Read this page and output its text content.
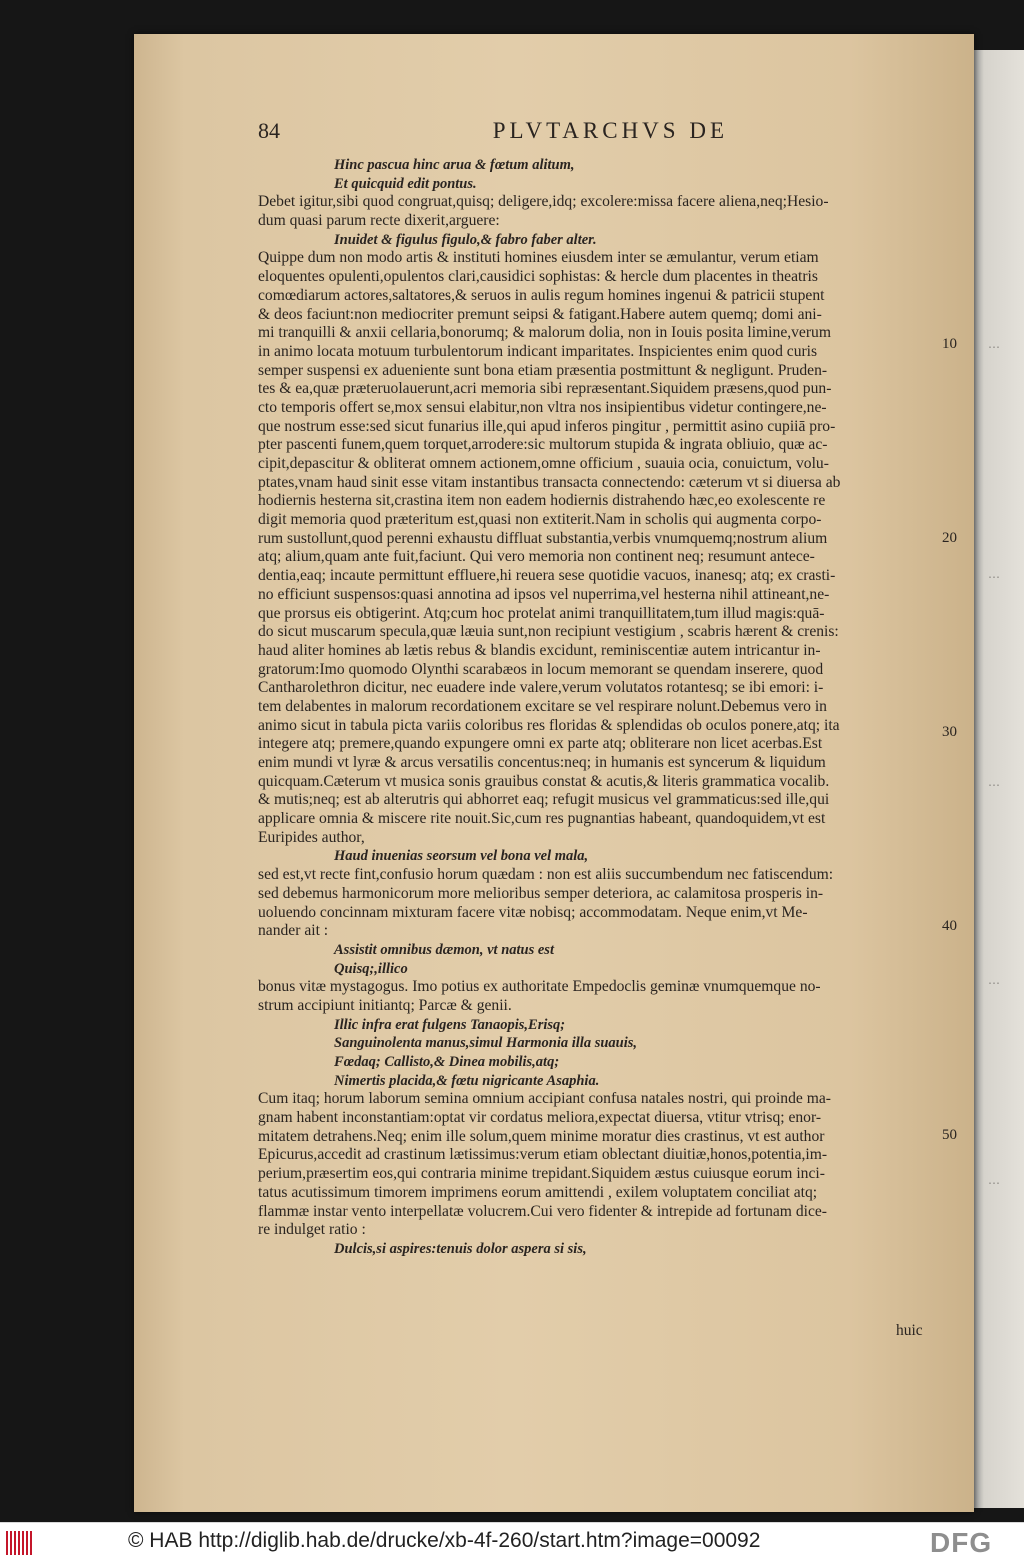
⋯
⋯
⋯
⋯
⋯
84	PLVTARCHVS DE
Hinc pascua hinc arua & fœtum alitum,
Et quicquid edit pontus.
Debet igitur,sibi quod congruat,quisq; deligere,idq; excolere:missa facere aliena,neq;Hesio-
dum quasi parum recte dixerit,arguere:
Inuidet & figulus figulo,& fabro faber alter.
Quippe dum non modo artis & instituti homines eiusdem inter se æmulantur, verum etiam
eloquentes opulenti,opulentos clari,causidici sophistas: & hercle dum placentes in theatris
comœdiarum actores,saltatores,& seruos in aulis regum homines ingenui & patricii stupent
& deos faciunt:non mediocriter premunt seipsi & fatigant.Habere autem quemq; domi ani-
mi tranquilli & anxii cellaria,bonorumq; & malorum dolia, non in Iouis posita limine,verum
in animo locata motuum turbulentorum indicant imparitates. Inspicientes enim quod curis
semper suspensi ex adueniente sunt bona etiam præsentia postmittunt & negligunt. Pruden-
tes & ea,quæ præteruolauerunt,acri memoria sibi repræsentant.Siquidem præsens,quod pun-
cto temporis offert se,mox sensui elabitur,non vltra nos insipientibus videtur contingere,ne-
que nostrum esse:sed sicut funarius ille,qui apud inferos pingitur , permittit asino cupiiā pro-
pter pascenti funem,quem torquet,arrodere:sic multorum stupida & ingrata obliuio, quæ ac-
cipit,depascitur & obliterat omnem actionem,omne officium , suauia ocia, conuictum, volu-
ptates,vnam haud sinit esse vitam instantibus transacta connectendo: cæterum vt si diuersa ab
hodiernis hesterna sit,crastina item non eadem hodiernis distrahendo hæc,eo exolescente re
digit memoria quod præteritum est,quasi non extiterit.Nam in scholis qui augmenta corpo-
rum sustollunt,quod perenni exhaustu diffluat substantia,verbis vnumquemq;nostrum alium
atq; alium,quam ante fuit,faciunt. Qui vero memoria non continent neq; resumunt antece-
dentia,eaq; incaute permittunt effluere,hi reuera sese quotidie vacuos, inanesq; atq; ex crasti-
no efficiunt suspensos:quasi annotina ad ipsos vel nuperrima,vel hesterna nihil attineant,ne-
que prorsus eis obtigerint. Atq;cum hoc protelat animi tranquillitatem,tum illud magis:quā-
do sicut muscarum specula,quæ læuia sunt,non recipiunt vestigium , scabris hærent & crenis:
haud aliter homines ab lætis rebus & blandis excidunt, reminiscentiæ autem intricantur in-
gratorum:Imo quomodo Olynthi scarabæos in locum memorant se quendam inserere, quod
Cantharolethron dicitur, nec euadere inde valere,verum volutatos rotantesq; se ibi emori: i-
tem delabentes in malorum recordationem excitare se vel respirare nolunt.Debemus vero in
animo sicut in tabula picta variis coloribus res floridas & splendidas ob oculos ponere,atq; ita
integere atq; premere,quando expungere omni ex parte atq; obliterare non licet acerbas.Est
enim mundi vt lyræ & arcus versatilis concentus:neq; in humanis est syncerum & liquidum
quicquam.Cæterum vt musica sonis grauibus constat & acutis,& literis grammatica vocalib.
& mutis;neq; est ab alterutris qui abhorret eaq; refugit musicus vel grammaticus:sed ille,qui
applicare omnia & miscere rite nouit.Sic,cum res pugnantias habeant, quandoquidem,vt est
Euripides author,
Haud inuenias seorsum vel bona vel mala,
sed est,vt recte fint,confusio horum quædam : non est aliis succumbendum nec fatiscendum:
sed debemus harmonicorum more melioribus semper deteriora, ac calamitosa prosperis in-
uoluendo concinnam mixturam facere vitæ nobisq; accommodatam. Neque enim,vt Me-
nander ait :
Assistit omnibus dæmon, vt natus est
Quisq;,illico
bonus vitæ mystagogus. Imo potius ex authoritate Empedoclis geminæ vnumquemque no-
strum accipiunt initiantq; Parcæ & genii.
Illic infra erat fulgens Tanaopis,Erisq;
Sanguinolenta manus,simul Harmonia illa suauis,
Fœdaq; Callisto,& Dinea mobilis,atq;
Nimertis placida,& fœtu nigricante Asaphia.
Cum itaq; horum laborum semina omnium accipiant confusa natales nostri, qui proinde ma-
gnam habent inconstantiam:optat vir cordatus meliora,expectat diuersa, vtitur vtrisq; enor-
mitatem detrahens.Neq; enim ille solum,quem minime moratur dies crastinus, vt est author
Epicurus,accedit ad crastinum lætissimus:verum etiam oblectant diuitiæ,honos,potentia,im-
perium,præsertim eos,qui contraria minime trepidant.Siquidem æstus cuiusque eorum inci-
tatus acutissimum timorem imprimens eorum amittendi , exilem voluptatem conciliat atq;
flammæ instar vento interpellatæ volucrem.Cui vero fidenter & intrepide ad fortunam dice-
re indulget ratio :
Dulcis,si aspires:tenuis dolor aspera si sis,
10
20
30
40
50
huic
© HAB http://diglib.hab.de/drucke/xb-4f-260/start.htm?image=00092	DFG
